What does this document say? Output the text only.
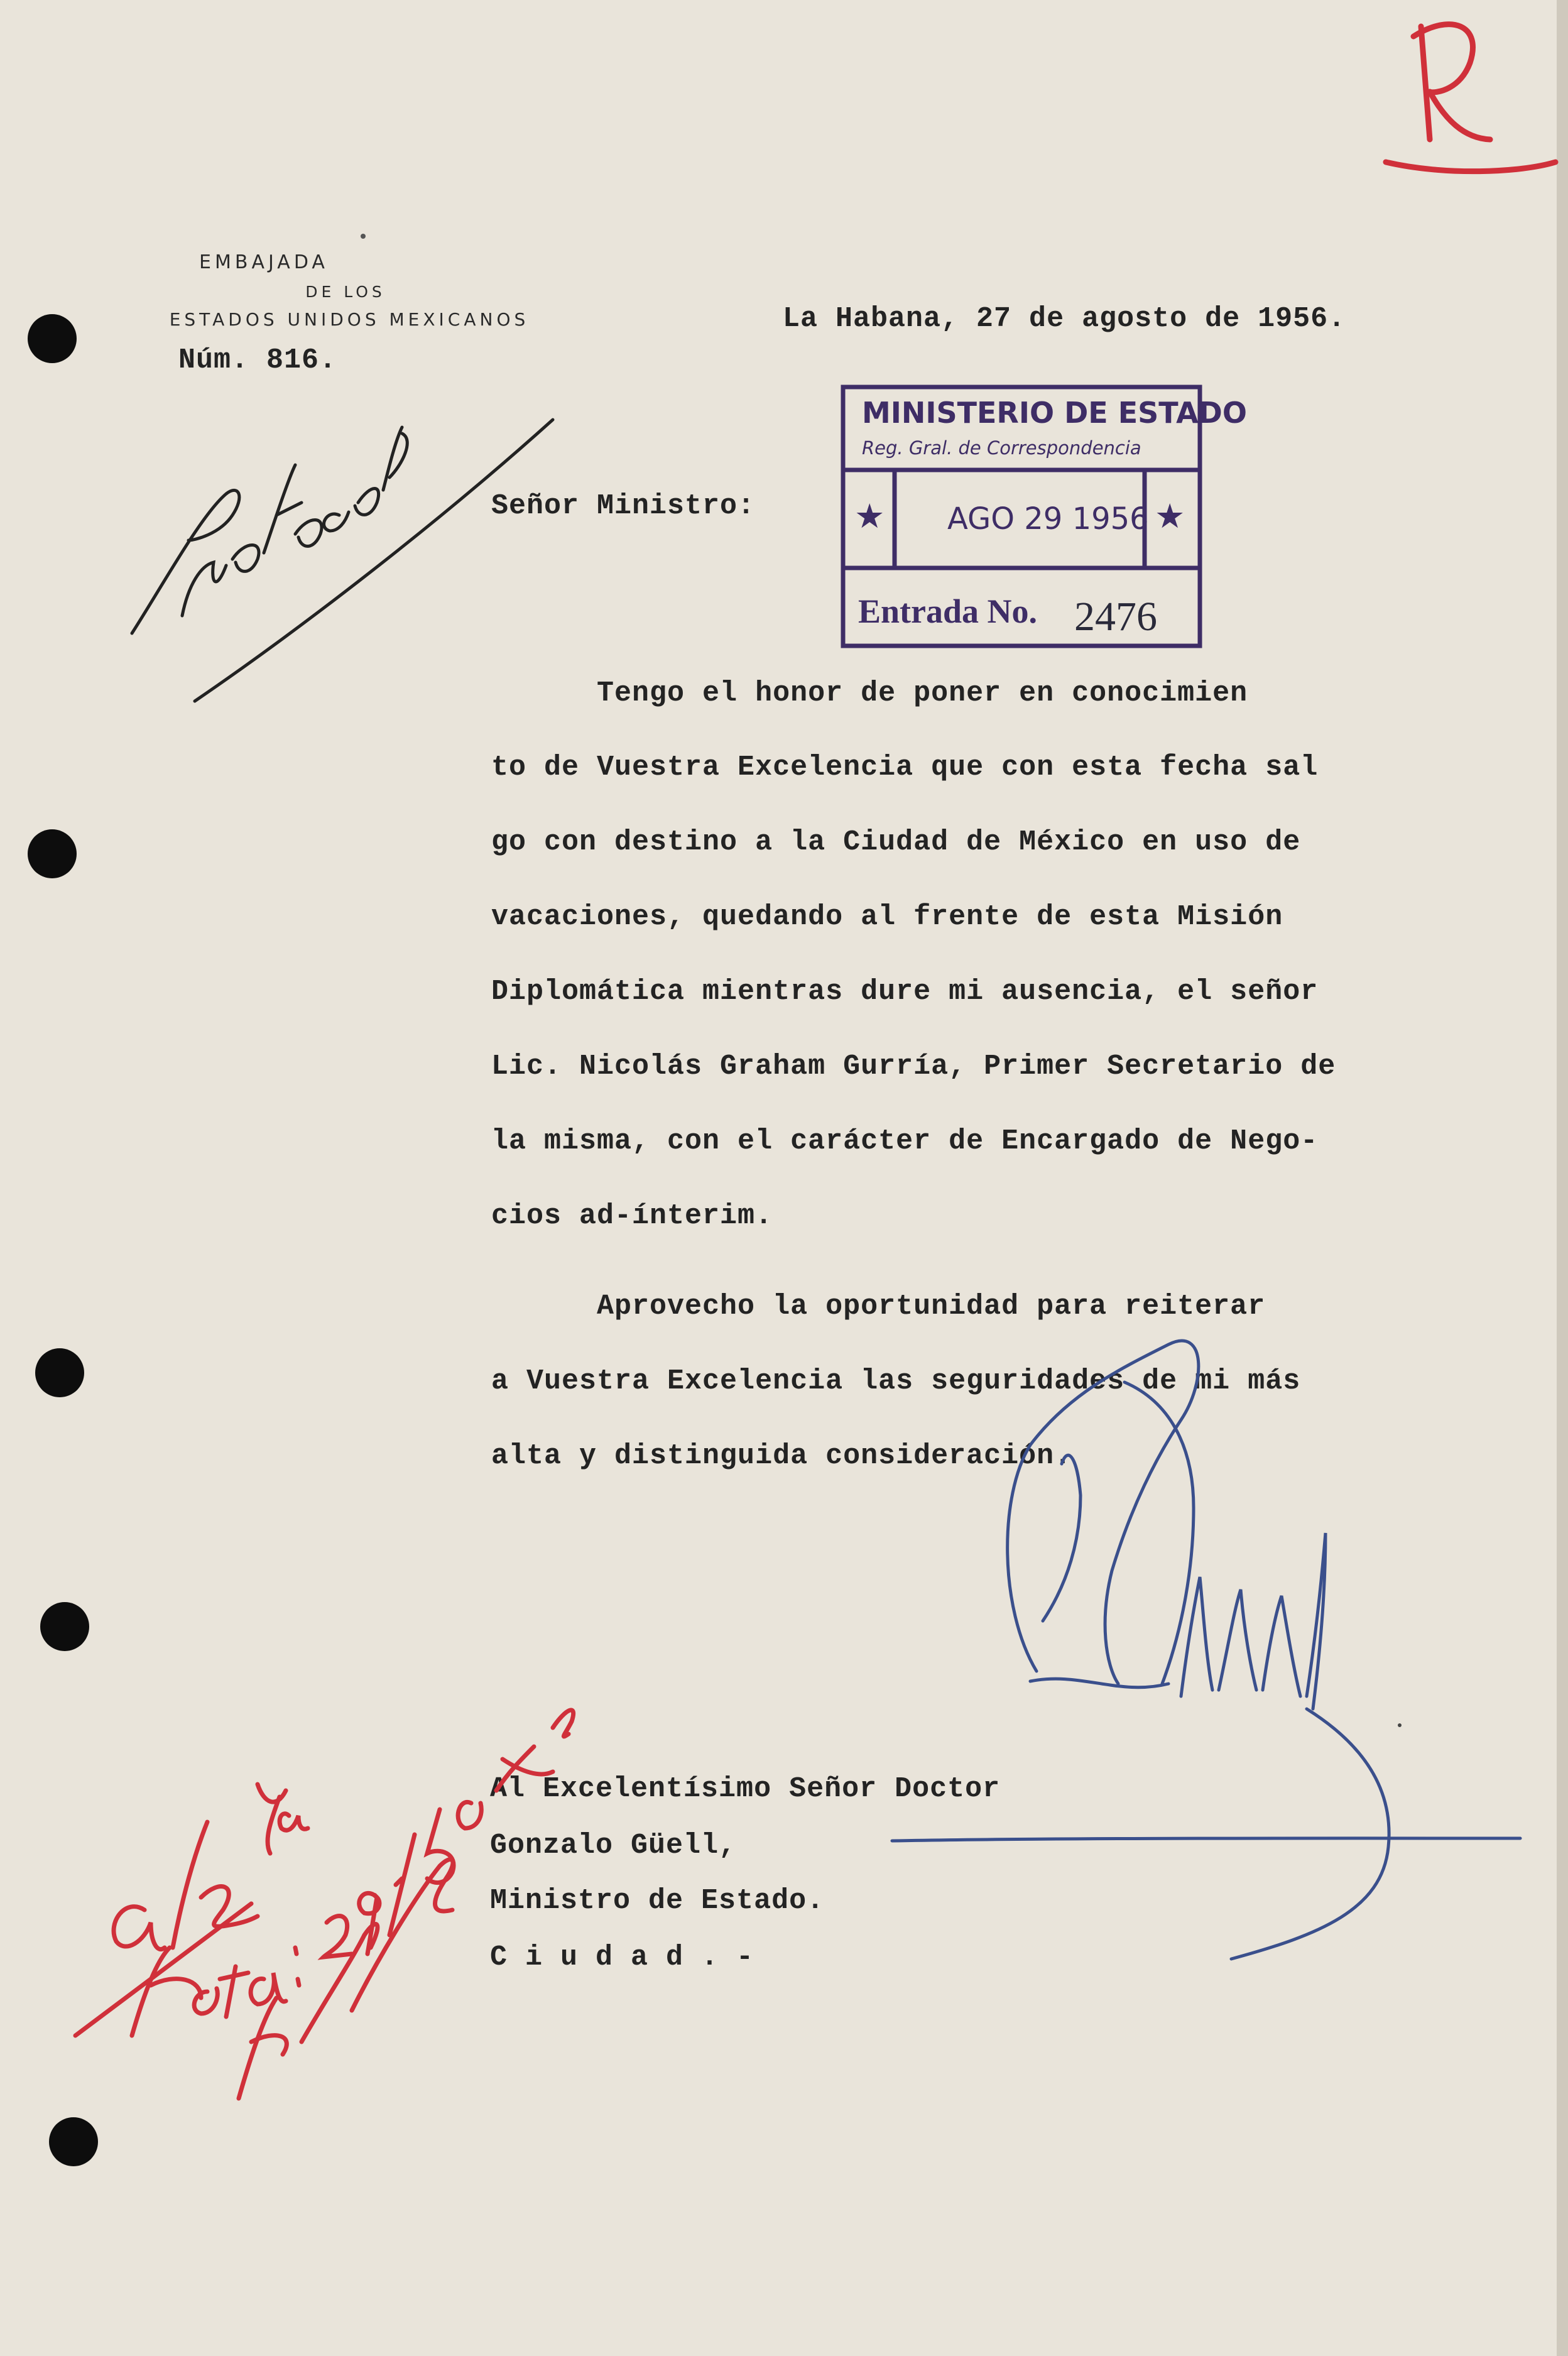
EMBAJADA
DE LOS
ESTADOS UNIDOS MEXICANOS
Núm. 816.
La Habana, 27 de agosto de 1956.
MINISTERIO DE ESTADO
Reg. Gral. de Correspondencia
★	★
AGO 29 1956
Entrada No. 2476
Señor Ministro:
Tengo el honor de poner en conocimien
to de Vuestra Excelencia que con esta fecha sal
go con destino a la Ciudad de México en uso de
vacaciones, quedando al frente de esta Misión
Diplomática mientras dure mi ausencia, el señor
Lic. Nicolás Graham Gurría, Primer Secretario de
la misma, con el carácter de Encargado de Nego-
cios ad-ínterim.
Aprovecho la oportunidad para reiterar
a Vuestra Excelencia las seguridades de mi más
alta y distinguida consideración.
Al Excelentísimo Señor Doctor
Gonzalo Güell,
Ministro de Estado.
C i u d a d . -
